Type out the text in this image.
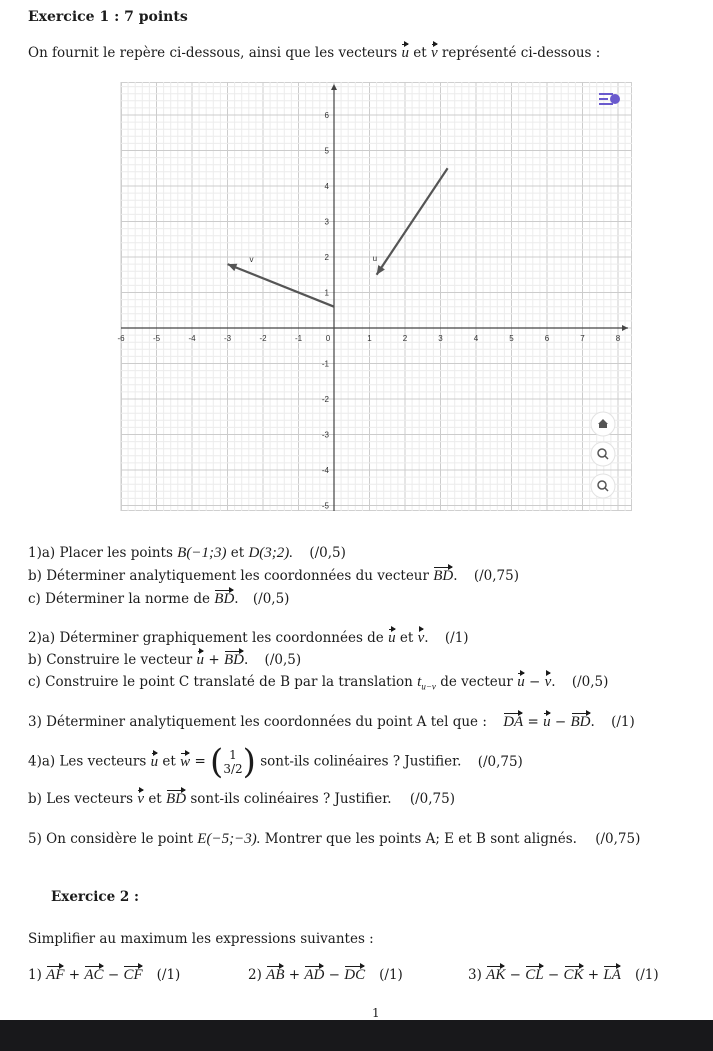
Exercice 1 : 7 points
On fournit le repère ci-dessous, ainsi que les vecteurs u et v représenté ci-dessous :
-6	-5	-4	-3	-2	-1	0	1	2	3	4	5	6	7	8
6
5
4
3
2
1
-1
-2
-3
-4
-5
u
v
1)a) Placer les points B(−1;3) et D(3;2). (/0,5)
b) Déterminer analytiquement les coordonnées du vecteur BD. (/0,75)
c) Déterminer la norme de BD. (/0,5)
2)a) Déterminer graphiquement les coordonnées de u et v. (/1)
b) Construire le vecteur u + BD. (/0,5)
c) Construire le point C translaté de B par la translation $t_{u-v}$ de vecteur u − v. (/0,5)
3) Déterminer analytiquement les coordonnées du point A tel que : DA = u − BD. (/1)
4)a) Les vecteurs u et w = ( 1
3/2) sont-ils colinéaires ? Justifier. (/0,75)
b) Les vecteurs v et BD sont-ils colinéaires ? Justifier. (/0,75)
5) On considère le point E(−5;−3). Montrer que les points A; E et B sont alignés. (/0,75)
Exercice 2 :
Simplifier au maximum les expressions suivantes :
1) AF + AC − CF (/1)	2) AB + AD − DC (/1)	3) AK − CL − CK + LA (/1)
1
